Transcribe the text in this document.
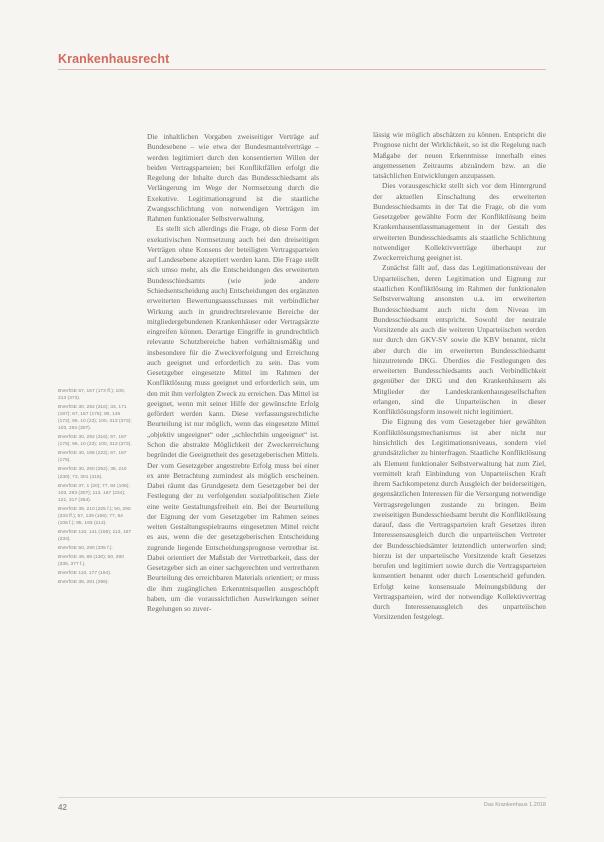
Krankenhausrecht

BVerfGE 67, 157 (173 ff.); 100, 313 (373).

BVerfGE 30, 292 (316); 33, 171 (187); 67, 157 (175); 90, 145 (172); 96, 10 (23); 100, 313 (373); 103, 293 (307).

BVerfGE 30, 292 (316); 67, 157 (175); 96, 10 (23); 100, 313 (373).

BVerfGE 40, 196 (222); 67, 157 (175).

BVerfGE 30, 250 (262); 39, 210 (230); 73, 301 (316).

BVerfGE 37, 1 (20); 77, 84 (106); 103, 293 (307); 113, 167 (234); 121, 317 (354).

BVerfGE 39, 210 (225 f.); 50, 290 (333 ff.); 57, 139 (159); 77, 84 (106 f.); 95, 193 (214).

BVerfGE 110, 141 (158); 113, 167 (234).

BVerfGE 50, 290 (335 f.).

BVerfGE 49, 89 (130); 50, 290 (335, 377 f.).

BVerfGE 110, 177 (194).

BVerfGE 38, 281 (299).

Die inhaltlichen Vorgaben zweiseitiger Verträge auf Bundesebene – wie etwa der Bundesmantelverträge – werden legitimiert durch den konsentierten Willen der beiden Vertragsparteien; bei Konfliktfällen erfolgt die Regelung der Inhalte durch das Bundesschiedsamt als Verlängerung im Wege der Normsetzung durch die Exekutive. Legitimationsgrund ist die staatliche Zwangsschlichtung von notwendigen Verträgen im Rahmen funktionaler Selbstverwaltung.

Es stellt sich allerdings die Frage, ob diese Form der exekutivischen Normsetzung auch bei den dreiseitigen Verträgen ohne Konsens der beteiligten Vertragsparteien auf Landesebene akzeptiert werden kann. Die Frage stellt sich umso mehr, als die Entscheidungen des erweiterten Bundesschiedsamts (wie jede andere Schiedsentscheidung auch) Entscheidungen des ergänzten erweiterten Bewertungsausschusses mit verbindlicher Wirkung auch in grundrechtsrelevante Bereiche der mitgliedergebundenen Krankenhäuser oder Vertragsärzte eingreifen können. Derartige Eingriffe in grundrechtlich relevante Schutzbereiche haben verhältnismäßig und insbesondere für die Zweckverfolgung und Erreichung auch geeignet und erforderlich zu sein. Das vom Gesetzgeber eingesetzte Mittel im Rahmen der Konfliktlösung muss geeignet und erforderlich sein, um den mit ihm verfolgten Zweck zu erreichen. Das Mittel ist geeignet, wenn mit seiner Hilfe der gewünschte Erfolg gefördert werden kann. Diese verfassungsrechtliche Beurteilung ist nur möglich, wenn das eingesetzte Mittel „objektiv ungeeignet“ oder „schlechthin ungeeignet“ ist. Schon die abstrakte Möglichkeit der Zweckerreichung begründet die Geeignetheit des gesetzgeberischen Mittels. Der vom Gesetzgeber angestrebte Erfolg muss bei einer ex ante Betrachtung zumindest als möglich erscheinen. Dabei räumt das Grundgesetz dem Gesetzgeber bei der Festlegung der zu verfolgenden sozialpolitischen Ziele eine weite Gestaltungsfreiheit ein. Bei der Beurteilung der Eignung der vom Gesetzgeber im Rahmen seines weiten Gestaltungsspielraums eingesetzten Mittel reicht es aus, wenn die der gesetzgeberischen Entscheidung zugrunde liegende Entscheidungsprognose vertretbar ist. Dabei orientiert der Maßstab der Vertretbarkeit, dass der Gesetzgeber sich an einer sachgerechten und vertretbaren Beurteilung des erreichbaren Materials orientiert; er muss die ihm zugänglichen Erkenntnisquellen ausgeschöpft haben, um die voraussichtlichen Auswirkungen seiner Regelungen so zuver-

lässig wie möglich abschätzen zu können. Entspricht die Prognose nicht der Wirklichkeit, so ist die Regelung nach Maßgabe der neuen Erkenntnisse innerhalb eines angemessenen Zeitraums abzuändern bzw. an die tatsächlichen Entwicklungen anzupassen.

Dies vorausgeschickt stellt sich vor dem Hintergrund der aktuellen Einschaltung des erweiterten Bundesschiedsamts in der Tat die Frage, ob die vom Gesetzgeber gewählte Form der Konfliktlösung beim Krankenhausentlassmanagement in der Gestalt des erweiterten Bundesschiedsamts als staatliche Schlichtung notwendiger Kollektivverträge überhaupt zur Zweckerreichung geeignet ist.

Zunächst fällt auf, dass das Legitimationsniveau der Unparteiischen, deren Legitimation und Eignung zur staatlichen Konfliktlösung im Rahmen der funktionalen Selbstverwaltung ansonsten u.a. im erweiterten Bundesschiedsamt auch nicht dem Niveau im Bundesschiedsamt entspricht. Sowohl der neutrale Vorsitzende als auch die weiteren Unparteiischen werden nur durch den GKV-SV sowie die KBV benannt, nicht aber durch die im erweiterten Bundesschiedsamt hinzutretende DKG. Überdies die Festlegungen des erweiterten Bundesschiedsamts auch Verbindlichkeit gegenüber der DKG und den Krankenhäusern als Mitglieder der Landeskrankenhausgesellschaften erlangen, sind die Unparteiischen in dieser Konfliktlösungsform insoweit nicht legitimiert.

Die Eignung des vom Gesetzgeber hier gewählten Konfliktlösungsmechanismus ist aber nicht nur hinsichtlich des Legitimationsniveaus, sondern viel grundsätzlicher zu hinterfragen. Staatliche Konfliktlösung als Element funktionaler Selbstverwaltung hat zum Ziel, vermittelt kraft Einbindung von Unparteiischen Kraft ihrem Sachkompetenz durch Ausgleich der beiderseitigen, gegensätzlichen Interessen für die Versorgung notwendige Vertragsregelungen zustande zu bringen. Beim zweiseitigen Bundesschiedsamt beruht die Konfliktlösung darauf, dass die Vertragsparteien kraft Gesetzes ihren Interessensausgleich durch die unparteiischen Vertreter der Bundesschiedsämter letztendlich unterworfen sind; hierzu ist der unparteiische Vorsitzende kraft Gesetzes berufen und legitimiert sowie durch die Vertragsparteien konsentiert benannt oder durch Losentscheid gefunden. Erfolgt keine konsensuale Meinungsbildung der Vertragsparteien, wird der notwendige Kollektivvertrag durch Interessenausgleich des unparteiischen Vorsitzenden festgelegt.

42	Das Krankenhaus 1.2018
